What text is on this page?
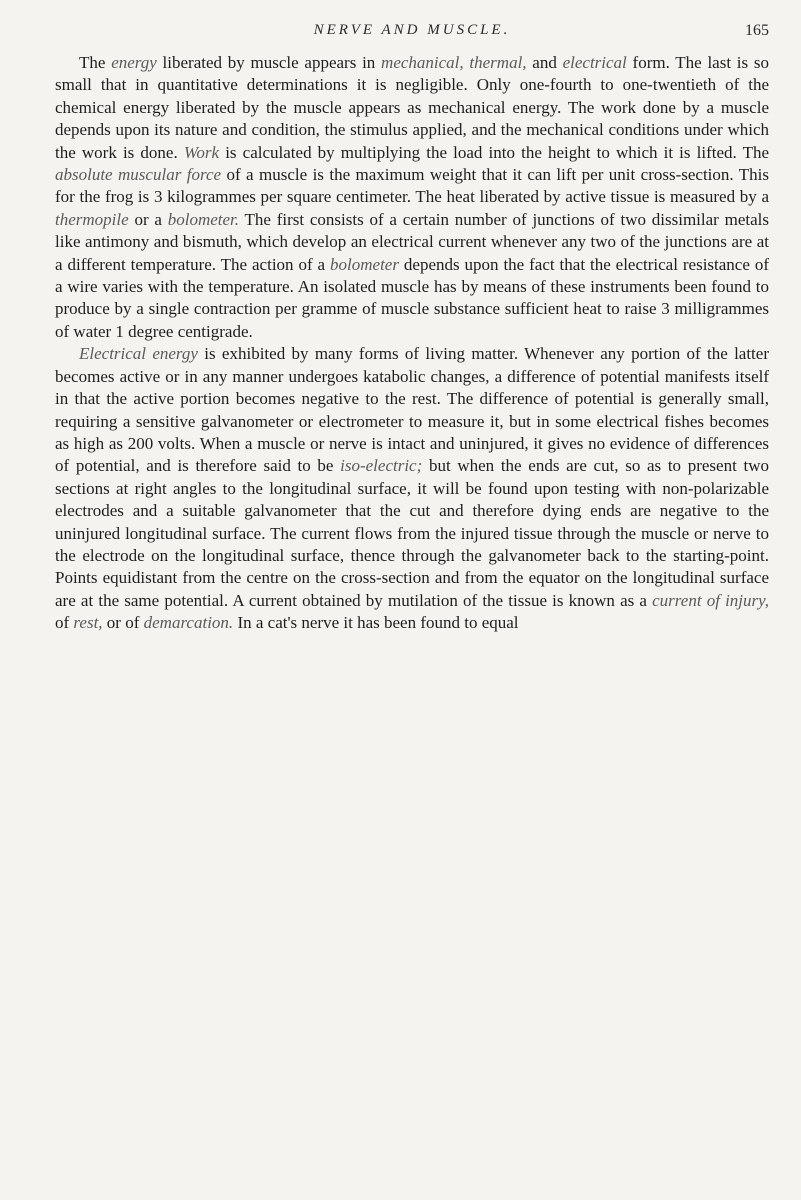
NERVE AND MUSCLE.	165

The energy liberated by muscle appears in mechanical, thermal, and electrical form. The last is so small that in quantitative determinations it is negligible. Only one-fourth to one-twentieth of the chemical energy liberated by the muscle appears as mechanical energy. The work done by a muscle depends upon its nature and condition, the stimulus applied, and the mechanical conditions under which the work is done. Work is calculated by multiplying the load into the height to which it is lifted. The absolute muscular force of a muscle is the maximum weight that it can lift per unit cross-section. This for the frog is 3 kilogrammes per square centimeter. The heat liberated by active tissue is measured by a thermopile or a bolometer. The first consists of a certain number of junctions of two dissimilar metals like antimony and bismuth, which develop an electrical current whenever any two of the junctions are at a different temperature. The action of a bolometer depends upon the fact that the electrical resistance of a wire varies with the temperature. An isolated muscle has by means of these instruments been found to produce by a single contraction per gramme of muscle substance sufficient heat to raise 3 milligrammes of water 1 degree centigrade.

Electrical energy is exhibited by many forms of living matter. Whenever any portion of the latter becomes active or in any manner undergoes katabolic changes, a difference of potential manifests itself in that the active portion becomes negative to the rest. The difference of potential is generally small, requiring a sensitive galvanometer or electrometer to measure it, but in some electrical fishes becomes as high as 200 volts. When a muscle or nerve is intact and uninjured, it gives no evidence of differences of potential, and is therefore said to be iso-electric; but when the ends are cut, so as to present two sections at right angles to the longitudinal surface, it will be found upon testing with non-polarizable electrodes and a suitable galvanometer that the cut and therefore dying ends are negative to the uninjured longitudinal surface. The current flows from the injured tissue through the muscle or nerve to the electrode on the longitudinal surface, thence through the galvanometer back to the starting-point. Points equidistant from the centre on the cross-section and from the equator on the longitudinal surface are at the same potential. A current obtained by mutilation of the tissue is known as a current of injury, of rest, or of demarcation. In a cat's nerve it has been found to equal
